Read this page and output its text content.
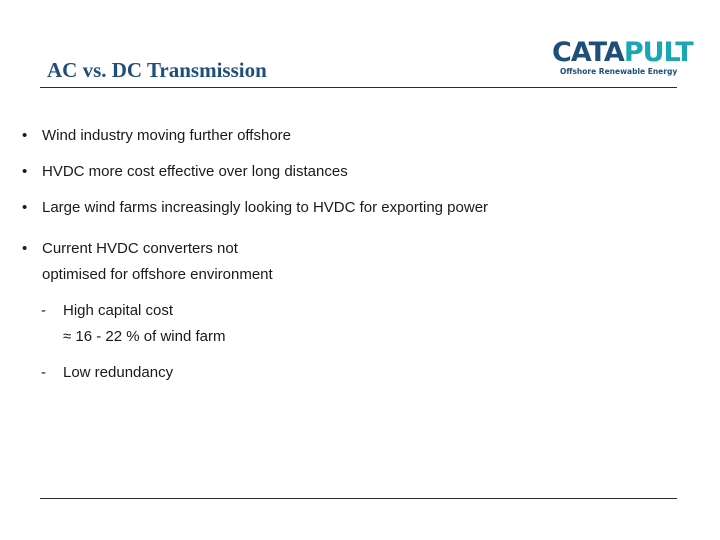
AC vs. DC Transmission
CATAPULT
Offshore Renewable Energy
• Wind industry moving further offshore
• HVDC more cost effective over long distances
• Large wind farms increasingly looking to HVDC for exporting power
• Current HVDC converters not
optimised for offshore environment
- High capital cost
≈ 16 - 22 % of wind farm
- Low redundancy
